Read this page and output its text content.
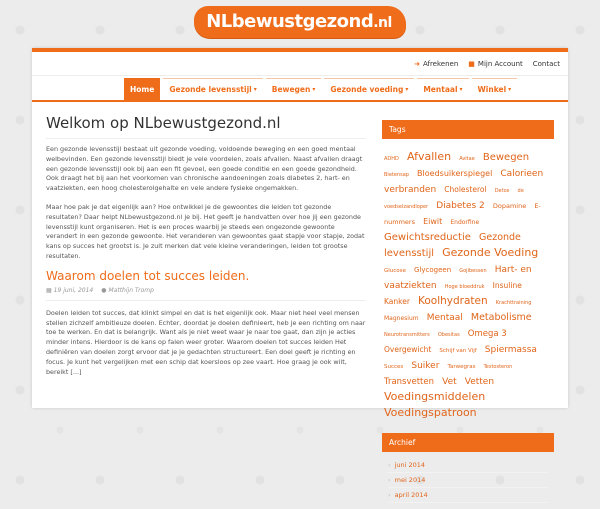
NLbewustgezond.nl
➜ Afrekenen ■ Mijn Account Contact
Home Gezonde levensstijl ▾ Bewegen ▾ Gezonde voeding ▾ Mentaal ▾ Winkel ▾
Welkom op NLbewustgezond.nl

Een gezonde levensstijl bestaat uit gezonde voeding, voldoende beweging en een goed mentaal welbevinden. Een gezonde levensstijl biedt je vele voordelen, zoals afvallen. Naast afvallen draagt een gezonde levensstijl ook bij aan een fit gevoel, een goede conditie en een goede gezondheid. Ook draagt het bij aan het voorkomen van chronische aandoeningen zoals diabetes 2, hart- en vaatziekten, een hoog cholesterolgehalte en vele andere fysieke ongemakken.

Maar hoe pak je dat eigenlijk aan? Hoe ontwikkel je de gewoontes die leiden tot gezonde resultaten? Daar helpt NLbewustgezond.nl je bij. Het geeft je handvatten over hoe jij een gezonde levensstijl kunt organiseren. Het is een proces waarbij je steeds een ongezonde gewoonte verandert in een gezonde gewoonte. Het veranderen van gewoontes gaat stapje voor stapje, zodat kans op succes het grootst is. Je zult merken dat vele kleine veranderingen, leiden tot grootse resultaten.

Waarom doelen tot succes leiden.
▦ 19 juni, 2014 ● Matthijn Tromp

Doelen leiden tot succes, dat klinkt simpel en dat is het eigenlijk ook. Maar niet heel veel mensen stellen zichzelf ambitieuze doelen. Echter, doordat je doelen definieert, heb je een richting om naar toe te werken. En dat is belangrijk. Want als je niet weet waar je naar toe gaat, dan zijn je acties minder intens. Hierdoor is de kans op falen weer groter. Waarom doelen tot succes leiden Het definiëren van doelen zorgt ervoor dat je je gedachten structureert. Een doel geeft je richting en focus. Je kunt het vergelijken met een schip dat koersloos op zee vaart. Hoe graag je ook wilt, bereikt [...]

Tags
ADHD Afvallen Avitae Bewegen Bietensap Bloedsuikerspiegel Calorieen verbranden Cholesterol Detox de voedselzandloper Diabetes 2 Dopamine E-nummers Eiwit Endorfine Gewichtsreductie Gezonde levensstijl Gezonde Voeding Glucose Glycogeen Gojibessen Hart- en vaatziekten Hoge bloeddruk Insuline Kanker Koolhydraten Krachttraining Magnesium Mentaal Metabolisme Neurotransmitters Obesitas Omega 3 Overgewicht Schijf van Vijf Spiermassa Succes Suiker Tarwegras Testosteron Transvetten Vet Vetten Voedingsmiddelen Voedingspatroon
Archief
› juni 2014
› mei 2014
› april 2014
